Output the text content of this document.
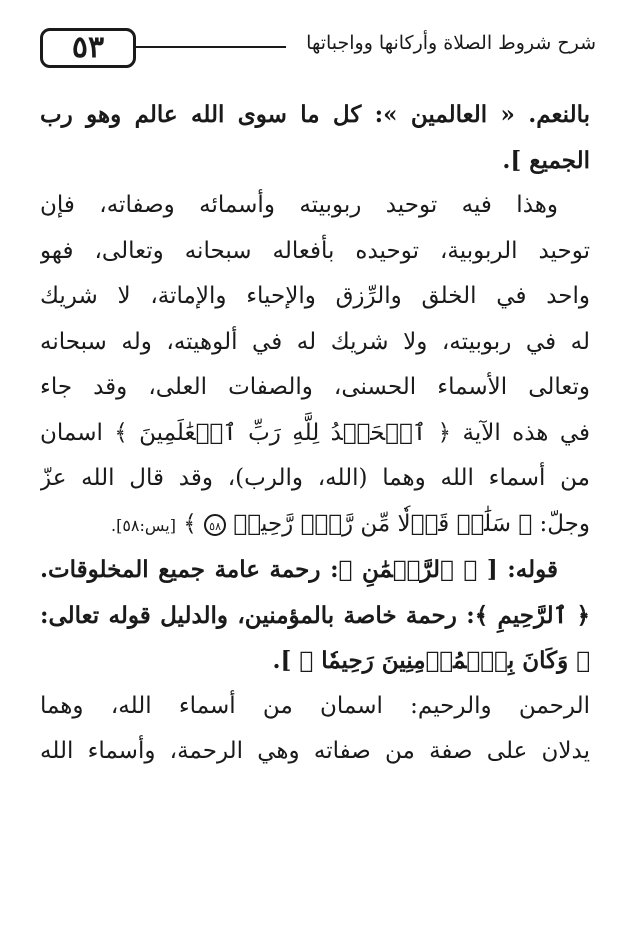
٥٣	شرح شروط الصلاة وأركانها وواجباتها
بالنعم. « العالمين »: كل ما سوى الله عالم وهو رب
الجميع ].
وهذا فيه توحيد ربوبيته وأسمائه وصفاته، فإن
توحيد الربوبية، توحيده بأفعاله سبحانه وتعالى، فهو
واحد في الخلق والرِّزق والإحياء والإماتة، لا شريك
له في ربوبيته، ولا شريك له في ألوهيته، وله سبحانه
وتعالى الأسماء الحسنى، والصفات العلى، وقد جاء
في هذه الآية ﴿ ٱلۡحَمۡدُ لِلَّهِ رَبِّ ٱلۡعَٰلَمِينَ ﴾ اسمان
من أسماء الله وهما (الله، والرب)، وقد قال الله عزّ
وجلّ: ﴿ سَلَٰمٞ قَوۡلٗا مِّن رَّبّٖ رَّحِيمٖ ٥٨ ﴾ [يس:٥٨].
قوله: [ ﴿ ٱلرَّحۡمَٰنِ ﴾: رحمة عامة جميع المخلوقات.
﴿ ٱلرَّحِيمِ ﴾: رحمة خاصة بالمؤمنين، والدليل قوله تعالى:
﴿ وَكَانَ بِٱلۡمُؤۡمِنِينَ رَحِيمٗا ﴾ ].
الرحمن والرحيم: اسمان من أسماء الله، وهما
يدلان على صفة من صفاته وهي الرحمة، وأسماء الله
